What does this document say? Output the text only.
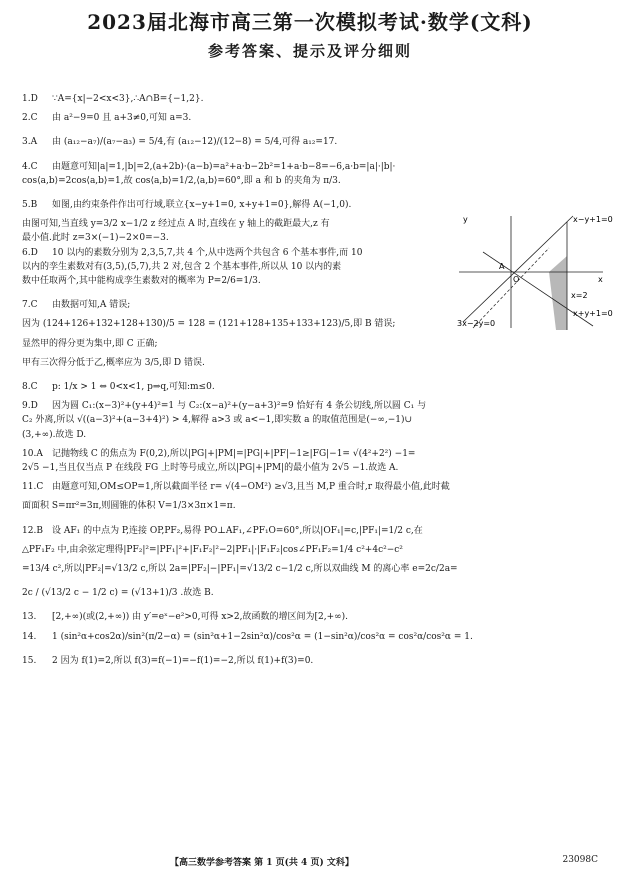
2023届北海市高三第一次模拟考试·数学(文科)
参考答案、提示及评分细则
1.D ∵A={x|−2<x<3},∴A∩B={−1,2}.
2.C 由 a²−9=0 且 a+3≠0,可知 a=3.
3.A 由 (a₁₂−a₇)/(a₇−a₃) = 5/4,有 (a₁₂−12)/(12−8) = 5/4,可得 a₁₂=17.
4.C 由题意可知|a|=1,|b|=2,(a+2b)·(a−b)=a²+a·b−2b²=1+a·b−8=−6,a·b=|a|·|b|·
cos⟨a,b⟩=2cos⟨a,b⟩=1,故 cos⟨a,b⟩=1/2,⟨a,b⟩=60°,即 a 和 b 的夹角为 π/3.
5.B 如图,由约束条件作出可行域,联立{x−y+1=0, x+y+1=0},解得 A(−1,0).
由图可知,当直线 y=3/2 x−1/2 z 经过点 A 时,直线在 y 轴上的截距最大,z 有
最小值.此时 z=3×(−1)−2×0=−3.
6.D 10 以内的素数分别为 2,3,5,7,共 4 个,从中选两个共包含 6 个基本事件,而 10
以内的孪生素数对有(3,5),(5,7),共 2 对,包含 2 个基本事件,所以从 10 以内的素
数中任取两个,其中能构成孪生素数对的概率为 P=2/6=1/3.
7.C 由数据可知,A 错误;
因为 (124+126+132+128+130)/5 = 128 = (121+128+135+133+123)/5,即 B 错误;
显然甲的得分更为集中,即 C 正确;
甲有三次得分低于乙,概率应为 3/5,即 D 错误.
8.C p: 1/x > 1 ⇔ 0<x<1, p⇒q,可知:m≤0.
9.D 因为圆 C₁:(x−3)²+(y+4)²=1 与 C₂:(x−a)²+(y−a+3)²=9 恰好有 4 条公切线,所以圆 C₁ 与
C₂ 外离,所以 √((a−3)²+(a−3+4)²) > 4,解得 a>3 或 a<−1,即实数 a 的取值范围是(−∞,−1)∪
(3,+∞).故选 D.
10.A 记抛物线 C 的焦点为 F(0,2),所以|PG|+|PM|=|PG|+|PF|−1≥|FG|−1= √(4²+2²) −1=
2√5 −1,当且仅当点 P 在线段 FG 上时等号成立,所以|PG|+|PM|的最小值为 2√5 −1.故选 A.
11.C 由题意可知,OM≤OP=1,所以截面半径 r= √(4−OM²) ≥√3,且当 M,P 重合时,r 取得最小值,此时截
面面积 S=πr²=3π,则圆锥的体积 V=1/3×3π×1=π.
12.B 设 AF₁ 的中点为 P,连接 OP,PF₂,易得 PO⊥AF₁,∠PF₁O=60°,所以|OF₁|=c,|PF₁|=1/2 c,在
△PF₁F₂ 中,由余弦定理得|PF₂|²=|PF₁|²+|F₁F₂|²−2|PF₁|·|F₁F₂|cos∠PF₁F₂=1/4 c²+4c²−c²
=13/4 c²,所以|PF₂|=√13/2 c,所以 2a=|PF₂|−|PF₁|=√13/2 c−1/2 c,所以双曲线 M 的离心率 e=2c/2a=
2c / (√13/2 c − 1/2 c) = (√13+1)/3 .故选 B.
13. [2,+∞)(或(2,+∞)) 由 y′=eˣ−e²>0,可得 x>2,故函数的增区间为[2,+∞).
14. 1 (sin²α+cos2α)/sin²(π/2−α) = (sin²α+1−2sin²α)/cos²α = (1−sin²α)/cos²α = cos²α/cos²α = 1.
15. 2 因为 f(1)=2,所以 f(3)=f(−1)=−f(1)=−2,所以 f(1)+f(3)=0.
y	x−y+1=0
A
O	x
x=2
x+y+1=0
3x−2y=0
【高三数学参考答案 第 1 页(共 4 页) 文科】	23098C
